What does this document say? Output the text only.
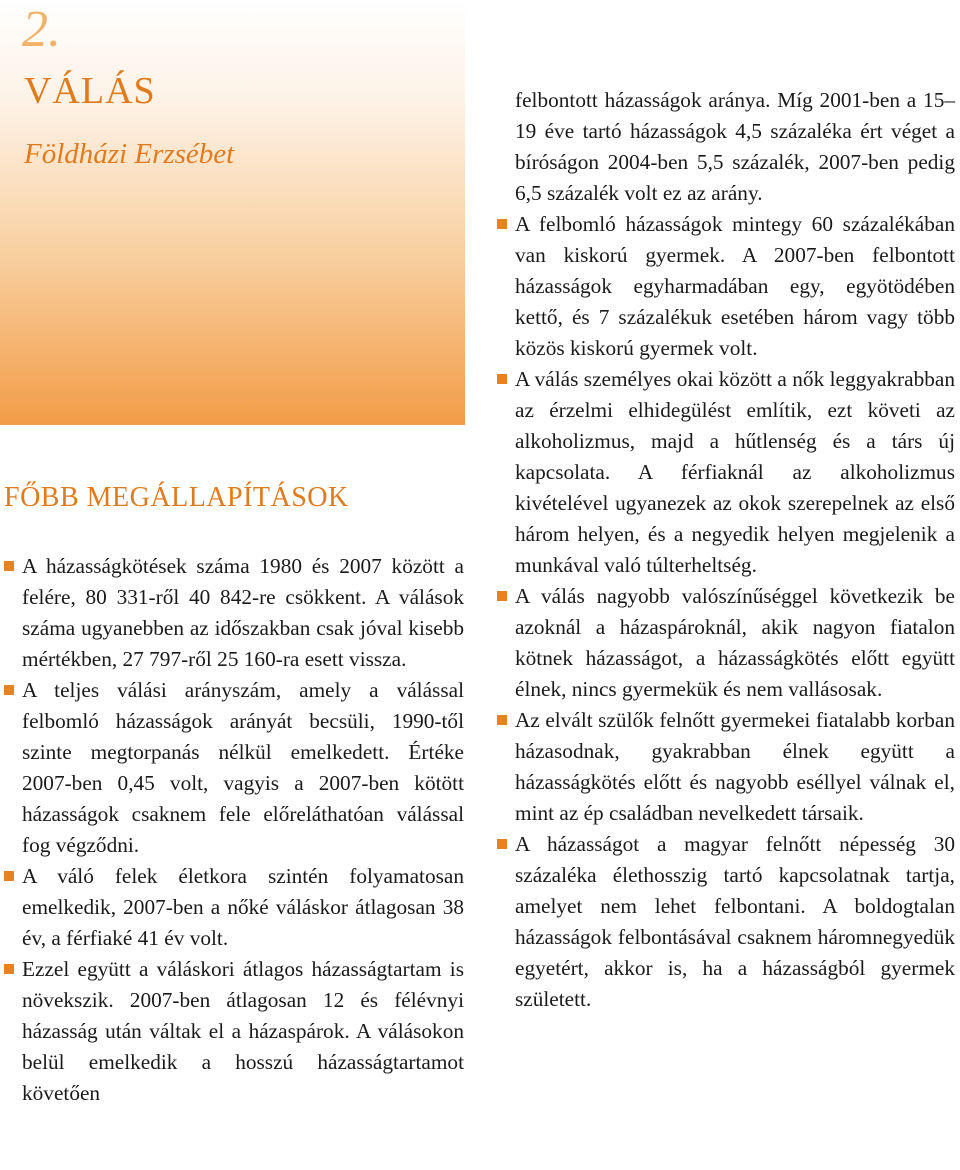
2.
VÁLÁS
Földházi Erzsébet
FŐBB MEGÁLLAPÍTÁSOK

A házasságkötések száma 1980 és 2007 között a felére, 80 331-ről 40 842-re csökkent. A válások száma ugyanebben az időszakban csak jóval kisebb mértékben, 27 797-ről 25 160-ra esett vissza.

A teljes válási arányszám, amely a válással felbomló házasságok arányát becsüli, 1990-től szinte megtorpanás nélkül emelkedett. Értéke 2007-ben 0,45 volt, vagyis a 2007-ben kötött házasságok csaknem fele előreláthatóan válással fog végződni.

A váló felek életkora szintén folyamatosan emelkedik, 2007-ben a nőké váláskor átlagosan 38 év, a férfiaké 41 év volt.

Ezzel együtt a váláskori átlagos házasságtartam is növekszik. 2007-ben átlagosan 12 és félévnyi házasság után váltak el a házaspárok. A válásokon belül emelkedik a hosszú házasságtartamot követően

felbontott házasságok aránya. Míg 2001-ben a 15–19 éve tartó házasságok 4,5 százaléka ért véget a bíróságon 2004-ben 5,5 százalék, 2007-ben pedig 6,5 százalék volt ez az arány.

A felbomló házasságok mintegy 60 százalékában van kiskorú gyermek. A 2007-ben felbontott házasságok egyharmadában egy, egyötödében kettő, és 7 százalékuk esetében három vagy több közös kiskorú gyermek volt.

A válás személyes okai között a nők leggyakrabban az érzelmi elhidegülést említik, ezt követi az alkoholizmus, majd a hűtlenség és a társ új kapcsolata. A férfiaknál az alkoholizmus kivételével ugyanezek az okok szerepelnek az első három helyen, és a negyedik helyen megjelenik a munkával való túlterheltség.

A válás nagyobb valószínűséggel következik be azoknál a házaspároknál, akik nagyon fiatalon kötnek házasságot, a házasságkötés előtt együtt élnek, nincs gyermekük és nem vallásosak.

Az elvált szülők felnőtt gyermekei fiatalabb korban házasodnak, gyakrabban élnek együtt a házasságkötés előtt és nagyobb eséllyel válnak el, mint az ép családban nevelkedett társaik.

A házasságot a magyar felnőtt népesség 30 százaléka élethosszig tartó kapcsolatnak tartja, amelyet nem lehet felbontani. A boldogtalan házasságok felbontásával csaknem háromnegyedük egyetért, akkor is, ha a házasságból gyermek született.
